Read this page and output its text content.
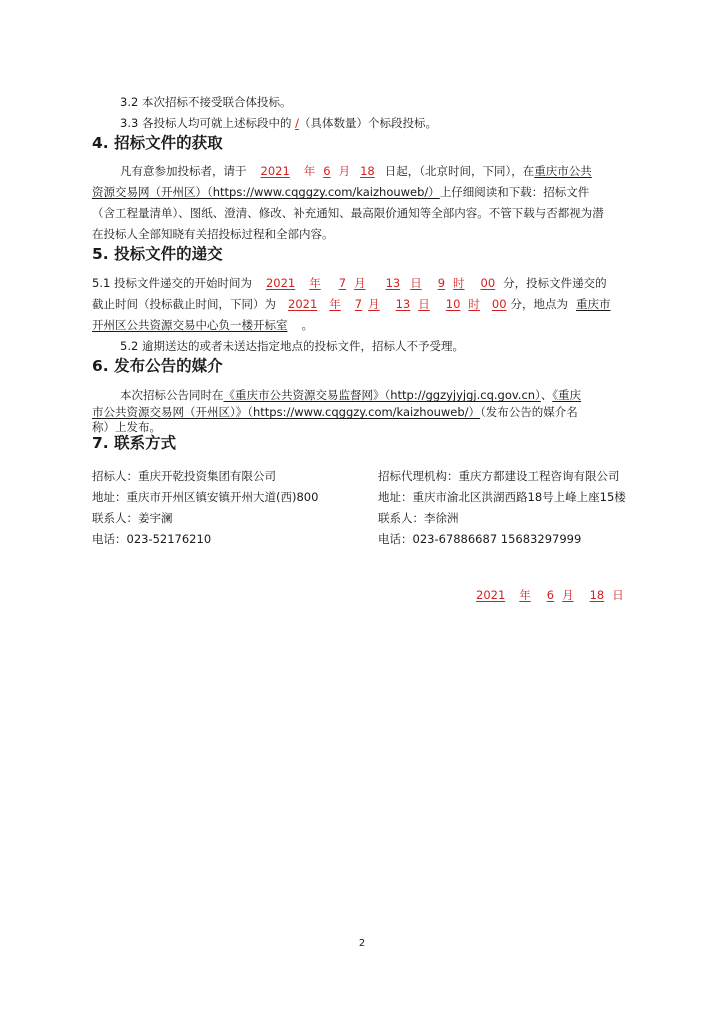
3.2 本次招标不接受联合体投标。
3.3 各投标人均可就上述标段中的 /（具体数量）个标段投标。
4. 招标文件的获取
凡有意参加投标者，请于 2021 年 6 月 18 日起，（北京时间，下同），在重庆市公共
资源交易网（开州区）（https://www.cqggzy.com/kaizhouweb/）上仔细阅读和下载：招标文件
（含工程量清单）、图纸、澄清、修改、补充通知、最高限价通知等全部内容。不管下载与否都视为潜
在投标人全部知晓有关招投标过程和全部内容。
5. 投标文件的递交
5.1 投标文件递交的开始时间为 2021 年 7 月 13 日 9 时 00 分，投标文件递交的
截止时间（投标截止时间，下同）为 2021 年 7 月 13 日 10 时 00 分，地点为 重庆市
开州区公共资源交易中心负一楼开标室 。
5.2 逾期送达的或者未送达指定地点的投标文件，招标人不予受理。
6. 发布公告的媒介
本次招标公告同时在《重庆市公共资源交易监督网》（http://ggzyjyjgj.cq.gov.cn）、《重庆
市公共资源交易网（开州区）》（https://www.cqggzy.com/kaizhouweb/）（发布公告的媒介名
称）上发布。
7. 联系方式
招标人：重庆开乾投资集团有限公司
地址：重庆市开州区镇安镇开州大道(西)800
联系人：姜宇澜
电话：023-52176210
招标代理机构：重庆方都建设工程咨询有限公司
地址：重庆市渝北区洪湖西路18号上峰上座15楼
联系人：李徐洲
电话：023-67886687 15683297999
2021 年 6 月 18 日
2
